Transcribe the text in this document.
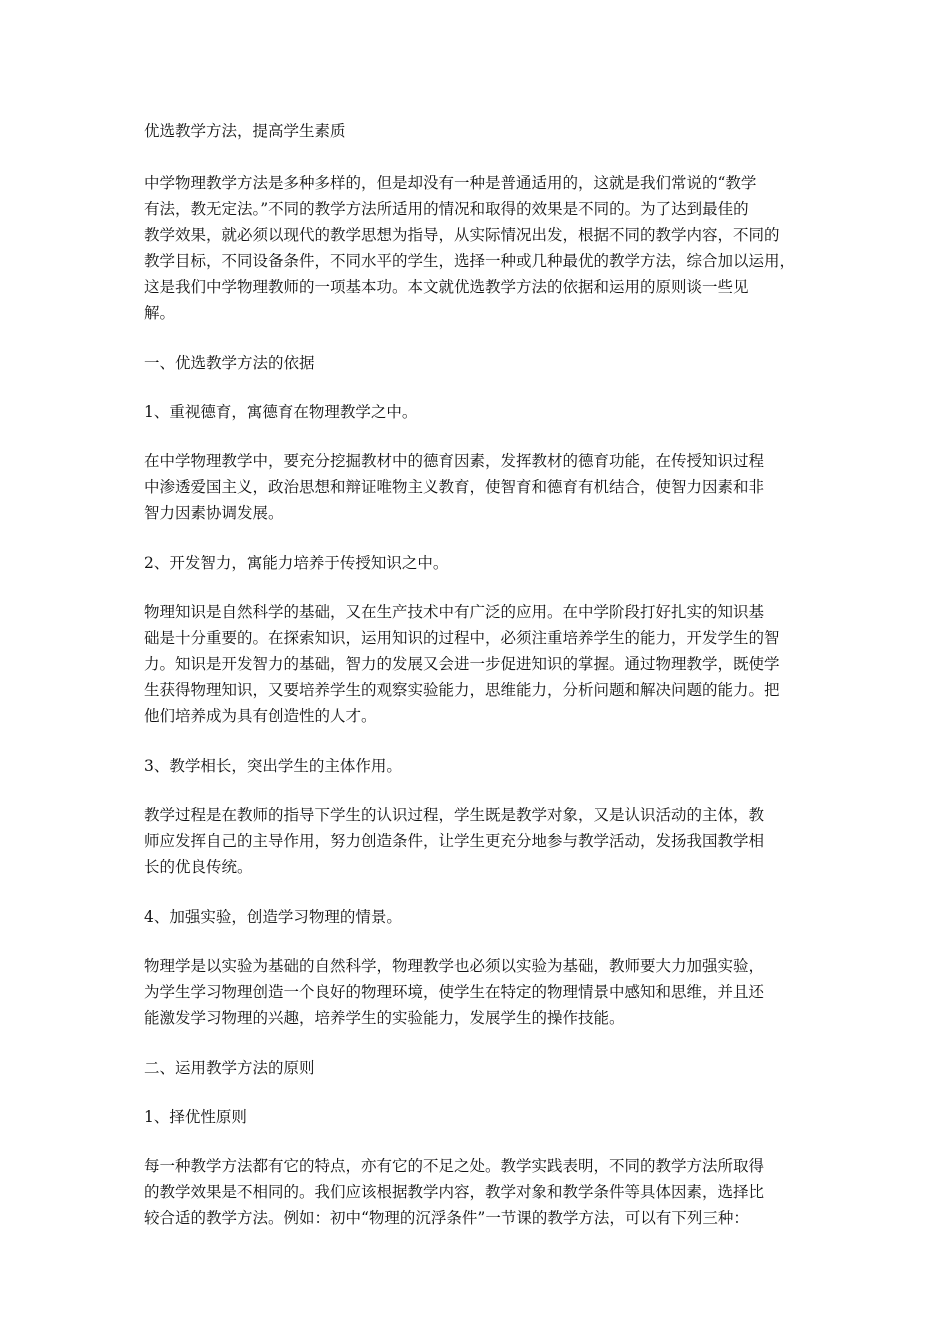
优选教学方法，提高学生素质

中学物理教学方法是多种多样的，但是却没有一种是普通适用的，这就是我们常说的“教学

有法，教无定法。”不同的教学方法所适用的情况和取得的效果是不同的。为了达到最佳的

教学效果，就必须以现代的教学思想为指导，从实际情况出发，根据不同的教学内容，不同的

教学目标，不同设备条件，不同水平的学生，选择一种或几种最优的教学方法，综合加以运用，

这是我们中学物理教师的一项基本功。本文就优选教学方法的依据和运用的原则谈一些见

解。

一、优选教学方法的依据

1、重视德育，寓德育在物理教学之中。

在中学物理教学中，要充分挖掘教材中的德育因素，发挥教材的德育功能，在传授知识过程

中渗透爱国主义，政治思想和辩证唯物主义教育，使智育和德育有机结合，使智力因素和非

智力因素协调发展。

2、开发智力，寓能力培养于传授知识之中。

物理知识是自然科学的基础，又在生产技术中有广泛的应用。在中学阶段打好扎实的知识基

础是十分重要的。在探索知识，运用知识的过程中，必须注重培养学生的能力，开发学生的智

力。知识是开发智力的基础，智力的发展又会进一步促进知识的掌握。通过物理教学，既使学

生获得物理知识，又要培养学生的观察实验能力，思维能力，分析问题和解决问题的能力。把

他们培养成为具有创造性的人才。

3、教学相长，突出学生的主体作用。

教学过程是在教师的指导下学生的认识过程，学生既是教学对象，又是认识活动的主体，教

师应发挥自己的主导作用，努力创造条件，让学生更充分地参与教学活动，发扬我国教学相

长的优良传统。

4、加强实验，创造学习物理的情景。

物理学是以实验为基础的自然科学，物理教学也必须以实验为基础，教师要大力加强实验，

为学生学习物理创造一个良好的物理环境，使学生在特定的物理情景中感知和思维，并且还

能激发学习物理的兴趣，培养学生的实验能力，发展学生的操作技能。

二、运用教学方法的原则

1、择优性原则

每一种教学方法都有它的特点，亦有它的不足之处。教学实践表明，不同的教学方法所取得

的教学效果是不相同的。我们应该根据教学内容，教学对象和教学条件等具体因素，选择比

较合适的教学方法。例如：初中“物理的沉浮条件”一节课的教学方法，可以有下列三种：
